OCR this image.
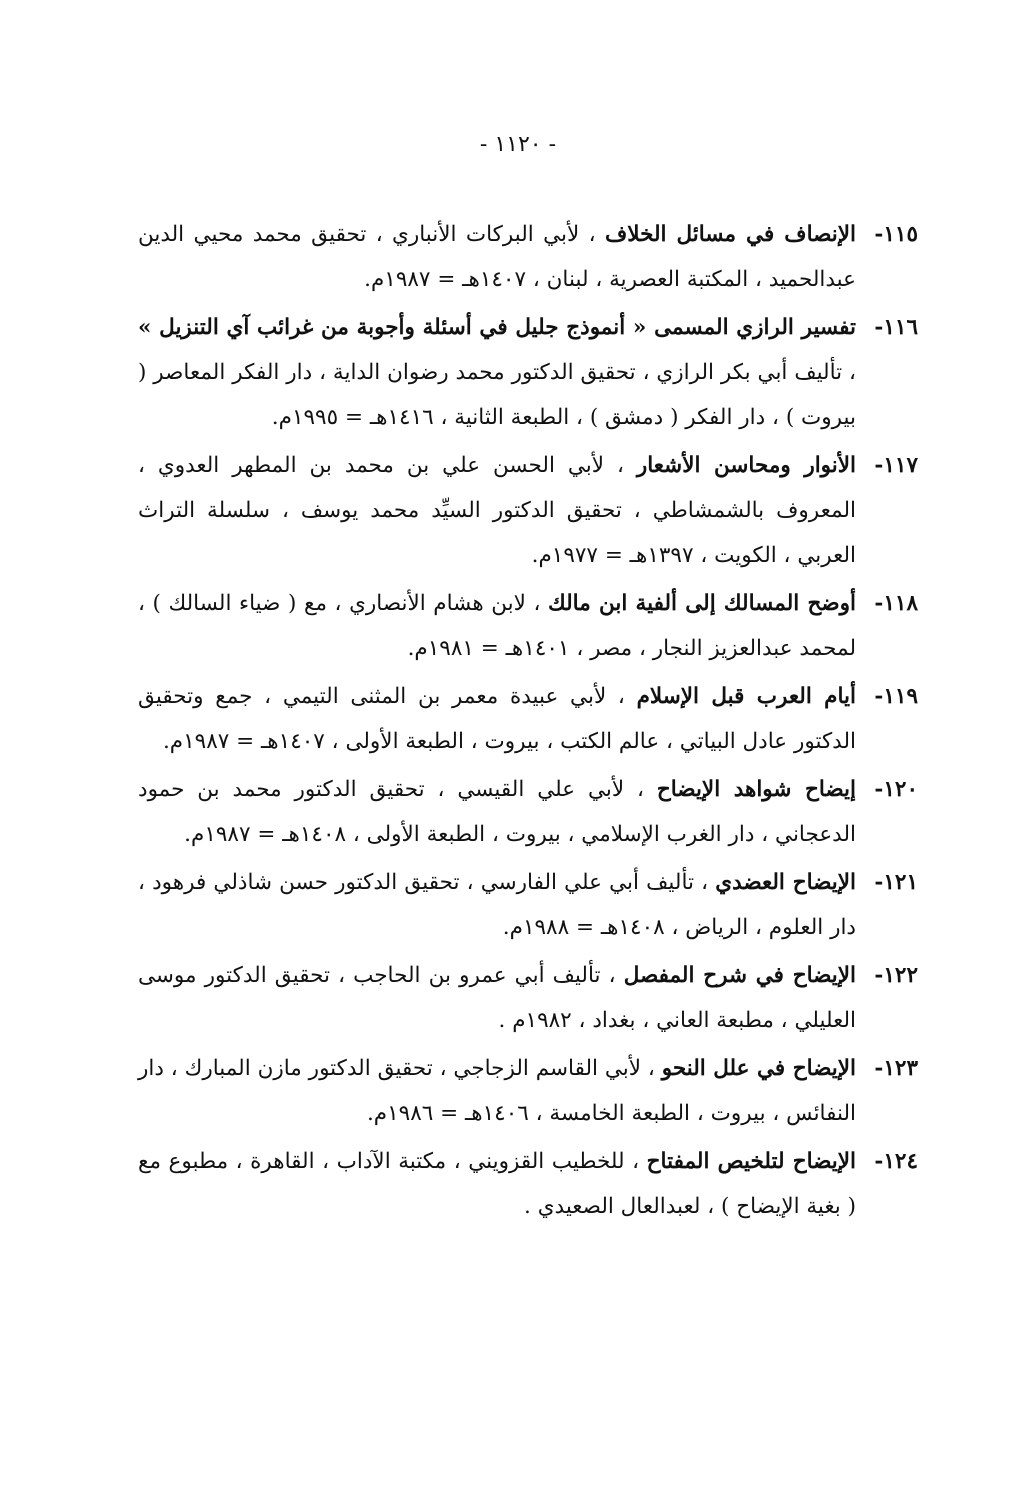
- ١١٢٠ -
١١٥-
الإنصاف في مسائل الخلاف ، لأبي البركات الأنباري ، تحقيق محمد محيي الدين عبدالحميد ، المكتبة العصرية ، لبنان ، ١٤٠٧هـ = ١٩٨٧م.
١١٦-
تفسير الرازي المسمى « أنموذج جليل في أسئلة وأجوبة من غرائب آي التنزيل » ، تأليف أبي بكر الرازي ، تحقيق الدكتور محمد رضوان الداية ، دار الفكر المعاصر ( بيروت ) ، دار الفكر ( دمشق ) ، الطبعة الثانية ، ١٤١٦هـ = ١٩٩٥م.
١١٧-
الأنوار ومحاسن الأشعار ، لأبي الحسن علي بن محمد بن المطهر العدوي ، المعروف بالشمشاطي ، تحقيق الدكتور السيِّد محمد يوسف ، سلسلة التراث العربي ، الكويت ، ١٣٩٧هـ = ١٩٧٧م.
١١٨-
أوضح المسالك إلى ألفية ابن مالك ، لابن هشام الأنصاري ، مع ( ضياء السالك ) ، لمحمد عبدالعزيز النجار ، مصر ، ١٤٠١هـ = ١٩٨١م.
١١٩-
أيام العرب قبل الإسلام ، لأبي عبيدة معمر بن المثنى التيمي ، جمع وتحقيق الدكتور عادل البياتي ، عالم الكتب ، بيروت ، الطبعة الأولى ، ١٤٠٧هـ = ١٩٨٧م.
١٢٠-
إيضاح شواهد الإيضاح ، لأبي علي القيسي ، تحقيق الدكتور محمد بن حمود الدعجاني ، دار الغرب الإسلامي ، بيروت ، الطبعة الأولى ، ١٤٠٨هـ = ١٩٨٧م.
١٢١-
الإيضاح العضدي ، تأليف أبي علي الفارسي ، تحقيق الدكتور حسن شاذلي فرهود ، دار العلوم ، الرياض ، ١٤٠٨هـ = ١٩٨٨م.
١٢٢-
الإيضاح في شرح المفصل ، تأليف أبي عمرو بن الحاجب ، تحقيق الدكتور موسى العليلي ، مطبعة العاني ، بغداد ، ١٩٨٢م .
١٢٣-
الإيضاح في علل النحو ، لأبي القاسم الزجاجي ، تحقيق الدكتور مازن المبارك ، دار النفائس ، بيروت ، الطبعة الخامسة ، ١٤٠٦هـ = ١٩٨٦م.
١٢٤-
الإيضاح لتلخيص المفتاح ، للخطيب القزويني ، مكتبة الآداب ، القاهرة ، مطبوع مع ( بغية الإيضاح ) ، لعبدالعال الصعيدي .
